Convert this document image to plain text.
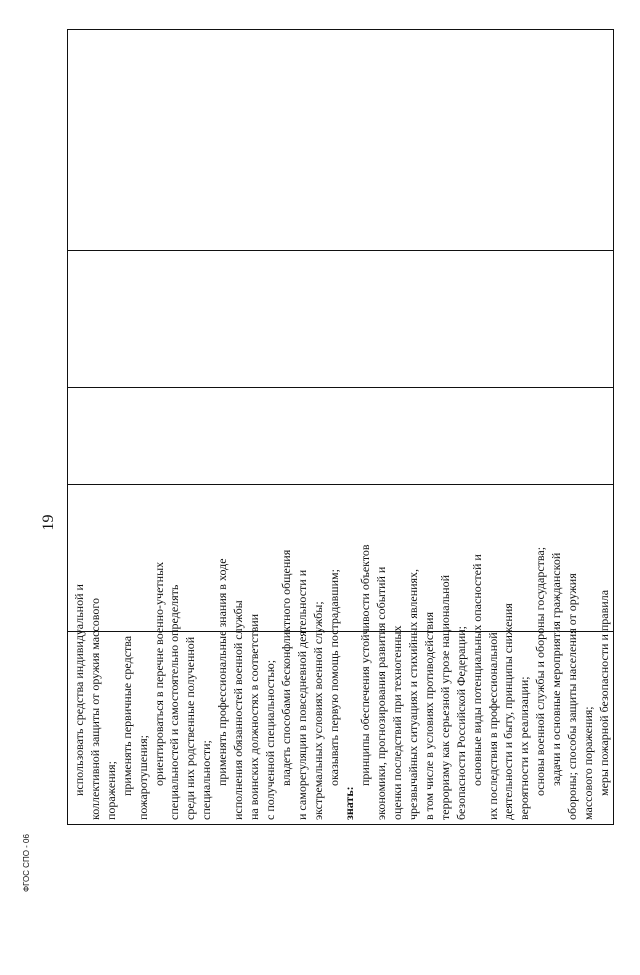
19
использовать средства индивидуальной и коллективной защиты от оружия массового поражения; применять первичные средства пожаротушения; ориентироваться в перечне военно-учетных специальностей и самостоятельно определять среди них родственные полученной специальности; применять профессиональные знания в ходе исполнения обязанностей военной службы на воинских должностях в соответствии с полученной специальностью; владеть способами бесконфликтного общения и саморегуляции в повседневной деятельности и экстремальных условиях военной службы; оказывать первую помощь пострадавшим;
знать:
принципы обеспечения устойчивости объектов экономики, прогнозирования развития событий и оценки последствий при техногенных чрезвычайных ситуациях и стихийных явлениях, в том числе в условиях противодействия терроризму как серьезной угрозе национальной безопасности Российской Федерации; основные виды потенциальных опасностей и их последствия в профессиональной деятельности и быту, принципы снижения вероятности их реализации; основы военной службы и обороны государства; задачи и основные мероприятия гражданской обороны; способы защиты населения от оружия массового поражения; меры пожарной безопасности и правила

ФГОС СПО - 06
